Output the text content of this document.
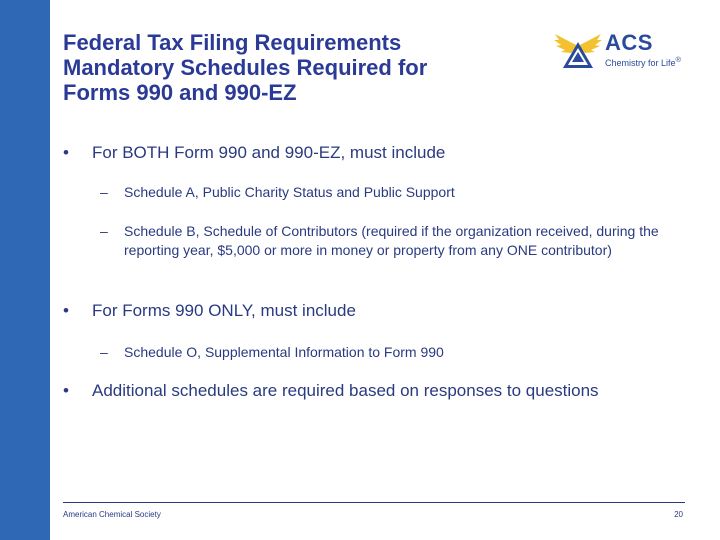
Federal Tax Filing Requirements
Mandatory Schedules Required for
Forms 990 and 990-EZ
ACS
Chemistry for Life®
• For BOTH Form 990 and 990-EZ, must include
– Schedule A, Public Charity Status and Public Support
– Schedule B, Schedule of Contributors (required if the organization received, during the reporting year, $5,000 or more in money or property from any ONE contributor)
• For Forms 990 ONLY, must include
– Schedule O, Supplemental Information to Form 990
• Additional schedules are required based on responses to questions
American Chemical Society	20
